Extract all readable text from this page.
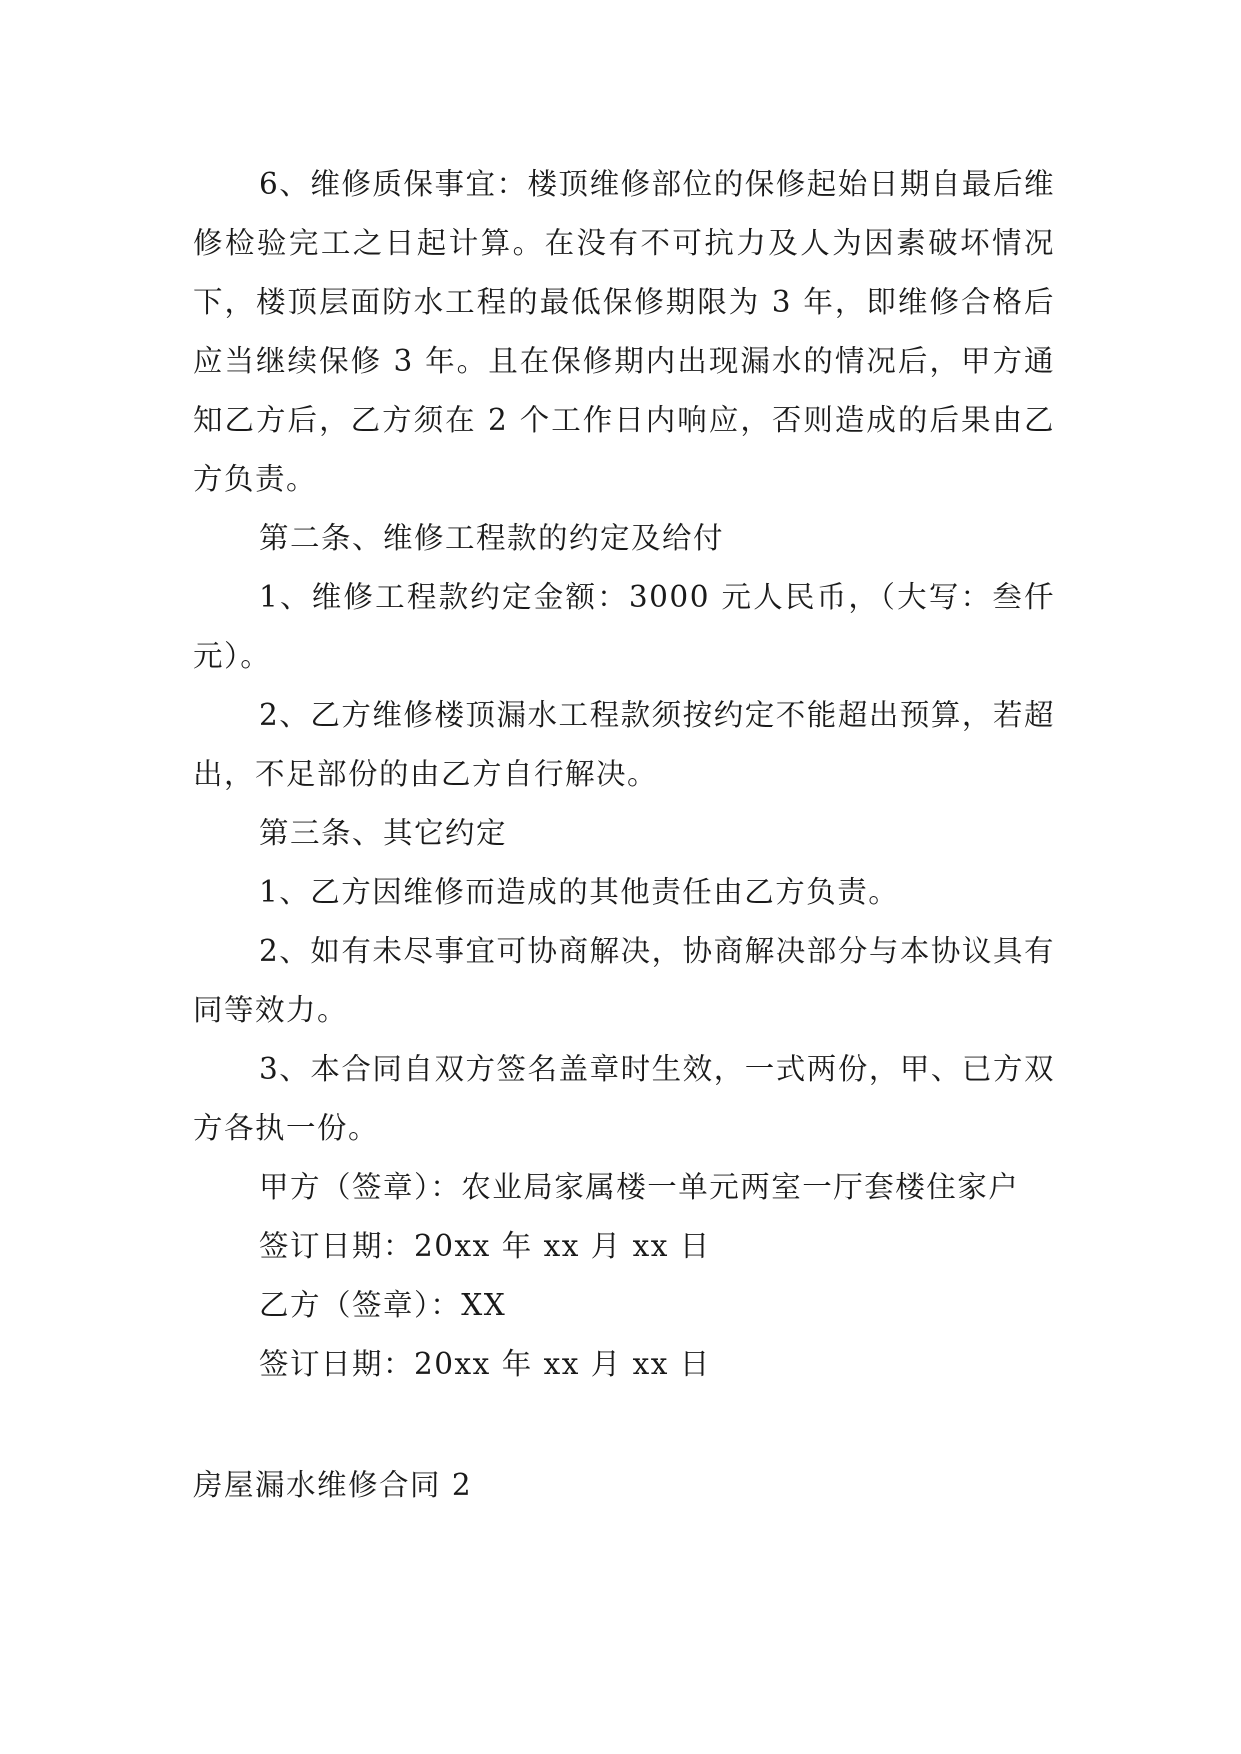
6、维修质保事宜：楼顶维修部位的保修起始日期自最后维修检验完工之日起计算。在没有不可抗力及人为因素破坏情况下，楼顶层面防水工程的最低保修期限为 3 年，即维修合格后应当继续保修 3 年。且在保修期内出现漏水的情况后，甲方通知乙方后，乙方须在 2 个工作日内响应，否则造成的后果由乙方负责。

第二条、维修工程款的约定及给付

1、维修工程款约定金额：3000 元人民币，（大写：叁仟元）。

2、乙方维修楼顶漏水工程款须按约定不能超出预算，若超出，不足部份的由乙方自行解决。

第三条、其它约定

1、乙方因维修而造成的其他责任由乙方负责。

2、如有未尽事宜可协商解决，协商解决部分与本协议具有同等效力。

3、本合同自双方签名盖章时生效，一式两份，甲、已方双方各执一份。

甲方（签章）：农业局家属楼一单元两室一厅套楼住家户

签订日期：20xx 年 xx 月 xx 日

乙方（签章）：XX

签订日期：20xx 年 xx 月 xx 日

房屋漏水维修合同 2
